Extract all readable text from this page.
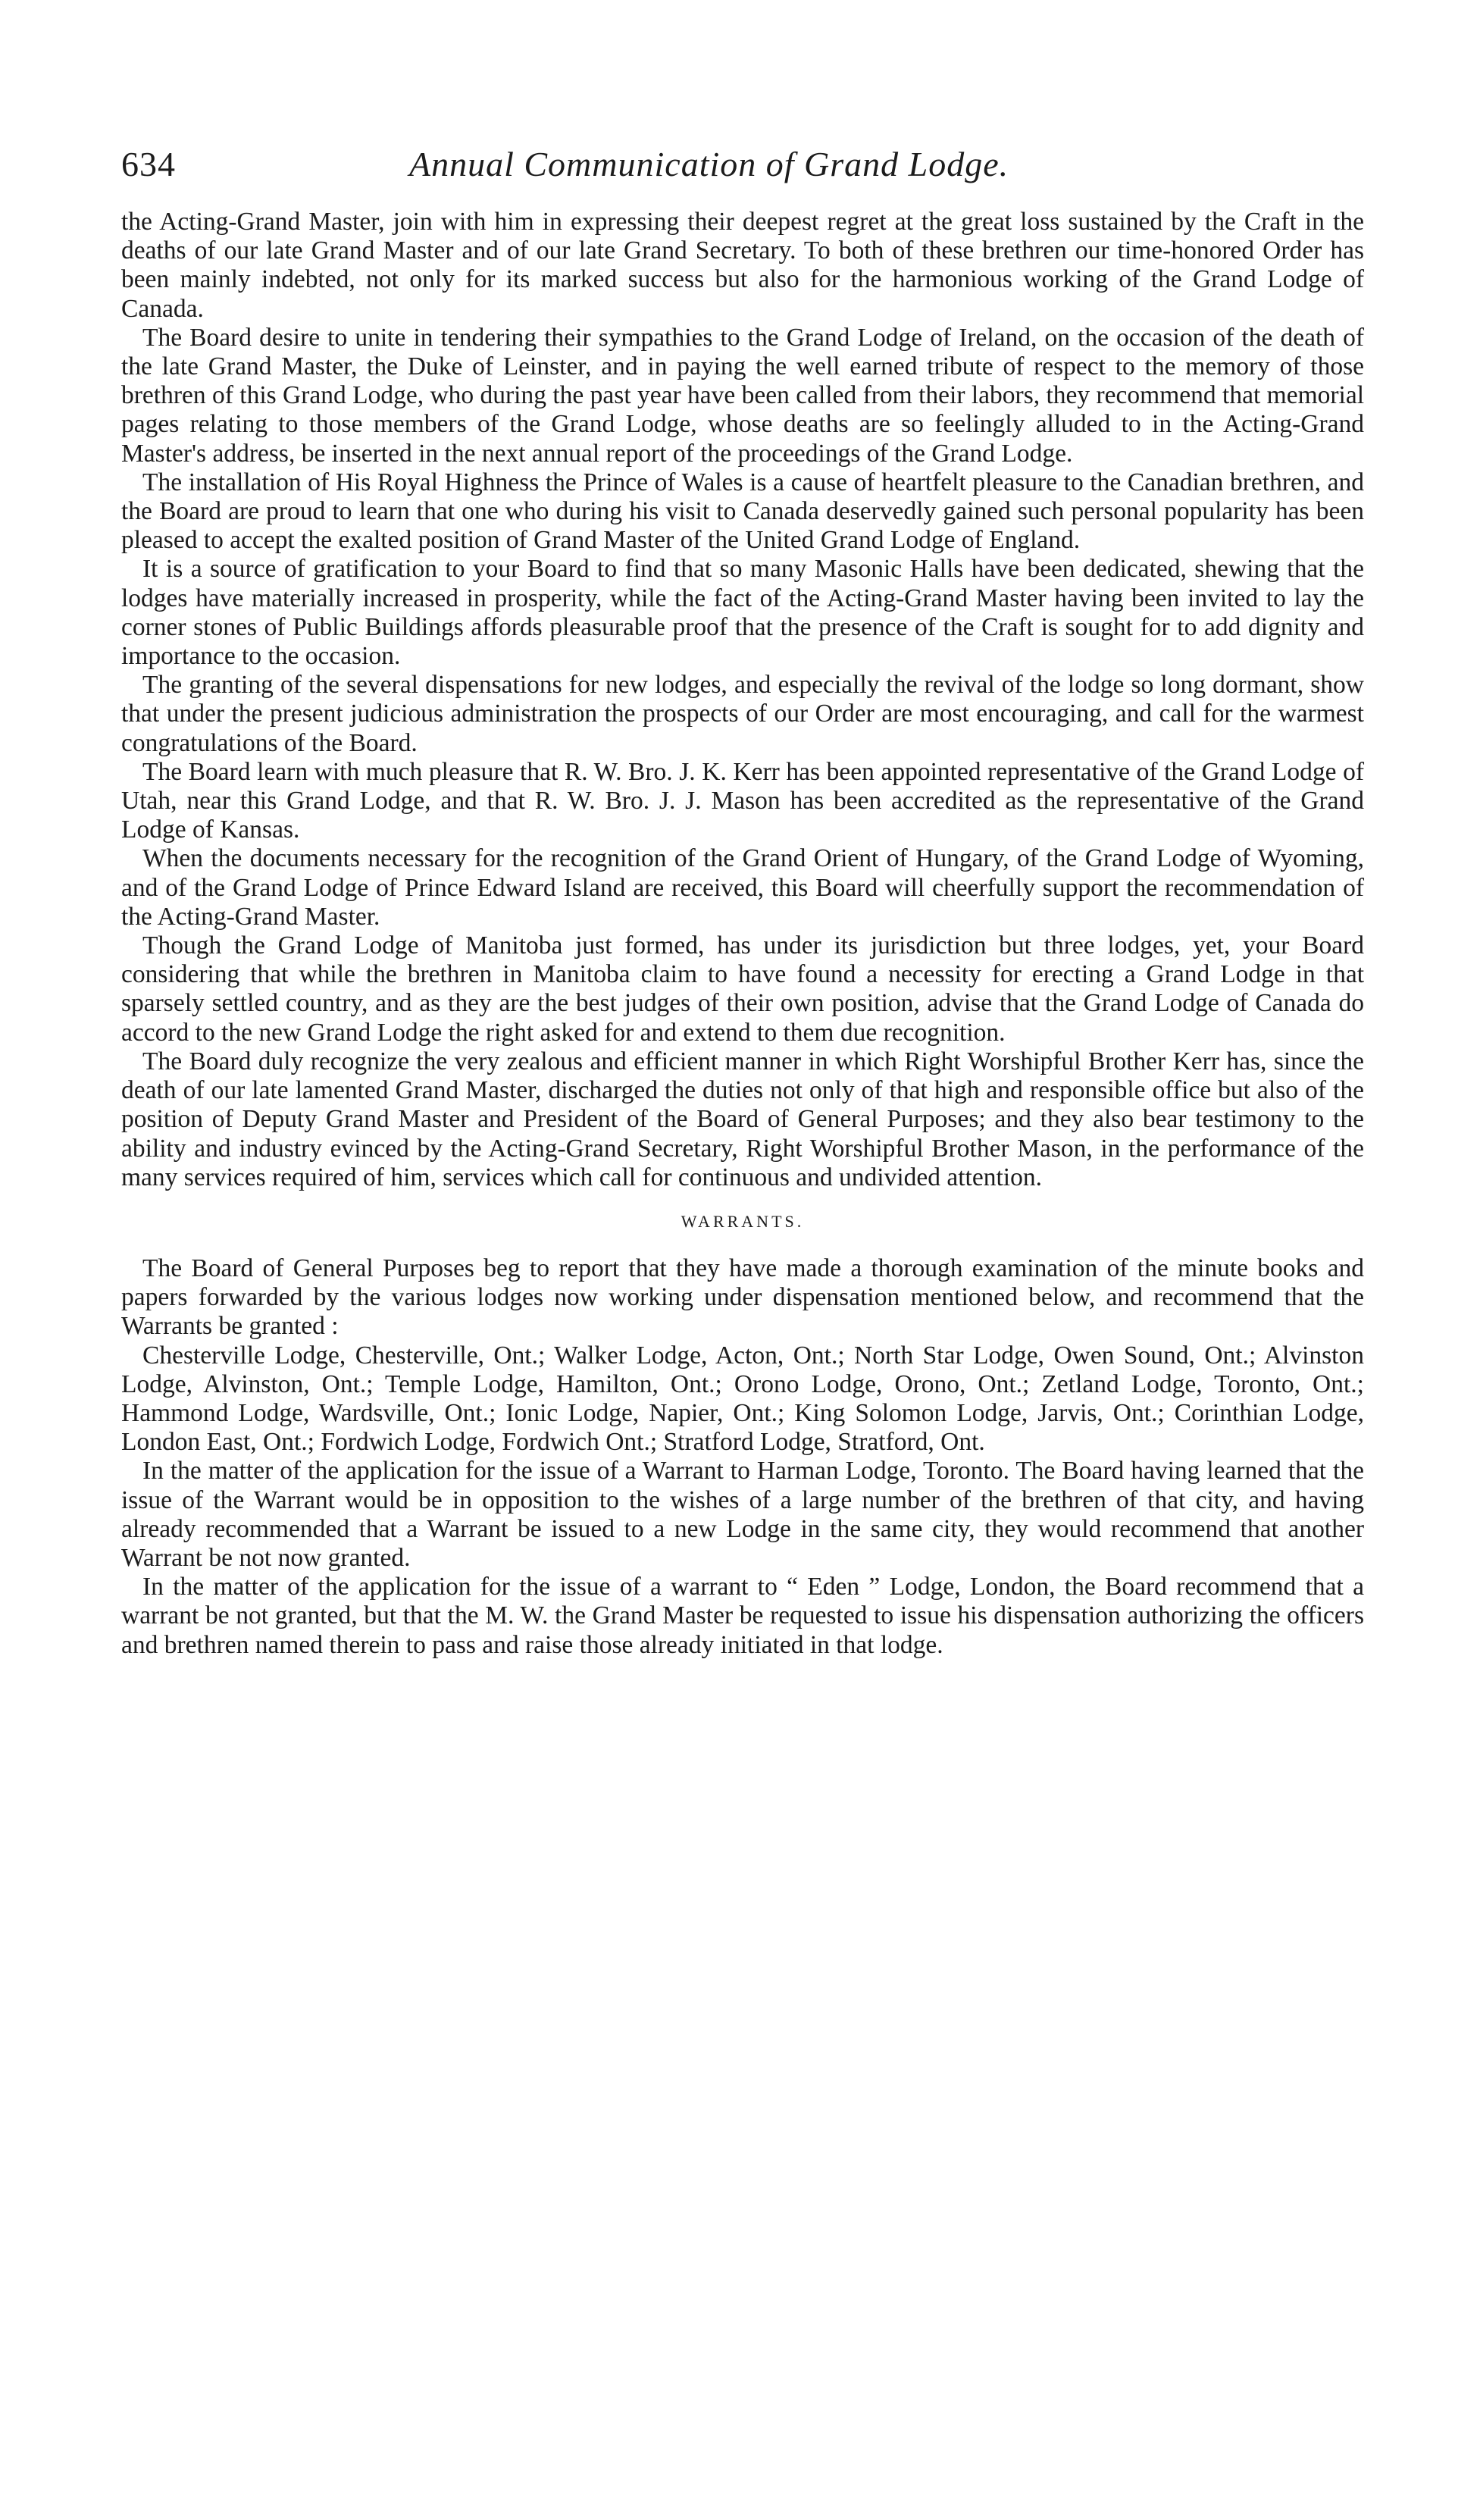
634	Annual Communication of Grand Lodge.

the Acting-Grand Master, join with him in expressing their deepest regret at the great loss sustained by the Craft in the deaths of our late Grand Master and of our late Grand Secretary. To both of these brethren our time-honored Order has been mainly indebted, not only for its marked success but also for the harmonious working of the Grand Lodge of Canada.

The Board desire to unite in tendering their sympathies to the Grand Lodge of Ireland, on the occasion of the death of the late Grand Master, the Duke of Leinster, and in paying the well earned tribute of respect to the memory of those brethren of this Grand Lodge, who during the past year have been called from their labors, they recommend that memorial pages relating to those members of the Grand Lodge, whose deaths are so feelingly alluded to in the Acting-Grand Master's address, be inserted in the next annual report of the proceedings of the Grand Lodge.

The installation of His Royal Highness the Prince of Wales is a cause of heartfelt pleasure to the Canadian brethren, and the Board are proud to learn that one who during his visit to Canada deservedly gained such personal popularity has been pleased to accept the exalted position of Grand Master of the United Grand Lodge of England.

It is a source of gratification to your Board to find that so many Masonic Halls have been dedicated, shewing that the lodges have materially increased in prosperity, while the fact of the Acting-Grand Master having been invited to lay the corner stones of Public Buildings affords pleasurable proof that the presence of the Craft is sought for to add dignity and importance to the occasion.

The granting of the several dispensations for new lodges, and especially the revival of the lodge so long dormant, show that under the present judicious administration the prospects of our Order are most encouraging, and call for the warmest congratulations of the Board.

The Board learn with much pleasure that R. W. Bro. J. K. Kerr has been appointed representative of the Grand Lodge of Utah, near this Grand Lodge, and that R. W. Bro. J. J. Mason has been accredited as the representative of the Grand Lodge of Kansas.

When the documents necessary for the recognition of the Grand Orient of Hungary, of the Grand Lodge of Wyoming, and of the Grand Lodge of Prince Edward Island are received, this Board will cheerfully support the recommendation of the Acting-Grand Master.

Though the Grand Lodge of Manitoba just formed, has under its jurisdiction but three lodges, yet, your Board considering that while the brethren in Manitoba claim to have found a necessity for erecting a Grand Lodge in that sparsely settled country, and as they are the best judges of their own position, advise that the Grand Lodge of Canada do accord to the new Grand Lodge the right asked for and extend to them due recognition.

The Board duly recognize the very zealous and efficient manner in which Right Worshipful Brother Kerr has, since the death of our late lamented Grand Master, discharged the duties not only of that high and responsible office but also of the position of Deputy Grand Master and President of the Board of General Purposes; and they also bear testimony to the ability and industry evinced by the Acting-Grand Secretary, Right Worshipful Brother Mason, in the performance of the many services required of him, services which call for continuous and undivided attention.

WARRANTS.

The Board of General Purposes beg to report that they have made a thorough examination of the minute books and papers forwarded by the various lodges now working under dispensation mentioned below, and recommend that the Warrants be granted :

Chesterville Lodge, Chesterville, Ont.; Walker Lodge, Acton, Ont.; North Star Lodge, Owen Sound, Ont.; Alvinston Lodge, Alvinston, Ont.; Temple Lodge, Hamilton, Ont.; Orono Lodge, Orono, Ont.; Zetland Lodge, Toronto, Ont.; Hammond Lodge, Wardsville, Ont.; Ionic Lodge, Napier, Ont.; King Solomon Lodge, Jarvis, Ont.; Corinthian Lodge, London East, Ont.; Fordwich Lodge, Fordwich Ont.; Stratford Lodge, Stratford, Ont.

In the matter of the application for the issue of a Warrant to Harman Lodge, Toronto. The Board having learned that the issue of the Warrant would be in opposition to the wishes of a large number of the brethren of that city, and having already recommended that a Warrant be issued to a new Lodge in the same city, they would recommend that another Warrant be not now granted.

In the matter of the application for the issue of a warrant to “ Eden ” Lodge, London, the Board recommend that a warrant be not granted, but that the M. W. the Grand Master be requested to issue his dispensation authorizing the officers and brethren named therein to pass and raise those already initiated in that lodge.
